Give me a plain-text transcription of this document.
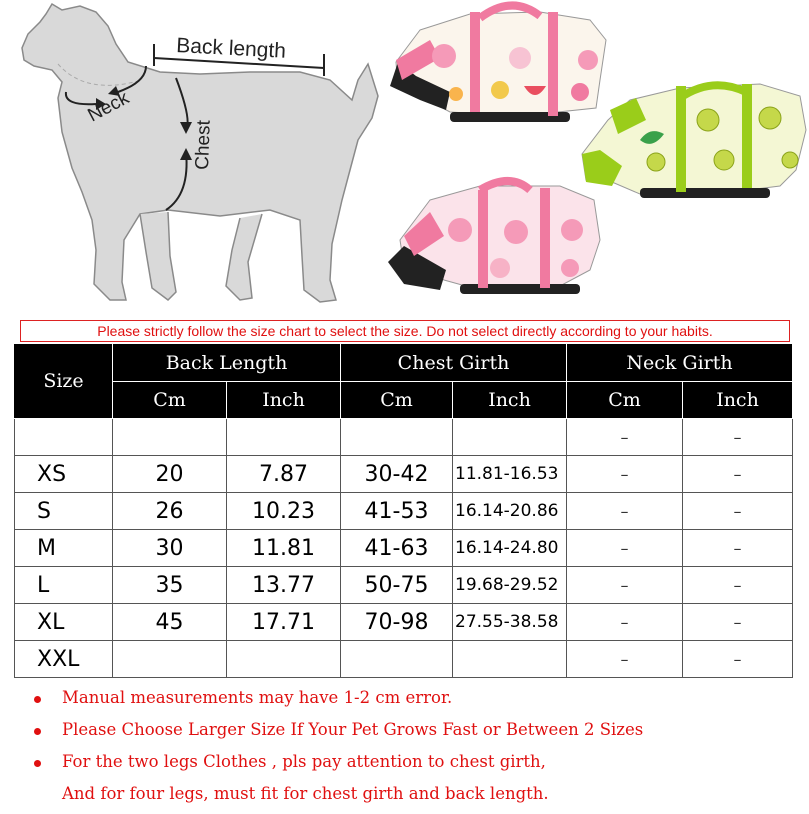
Back length
Neck
Chest
Please strictly follow the size chart to select the size. Do not select directly according to your habits.
Size	Back Length		Chest Girth		Neck Girth	
	Cm	Inch	Cm	Inch	Cm	Inch
					–	–
XS	20	7.87	30-42	11.81-16.53	–	–
S	26	10.23	41-53	16.14-20.86	–	–
M	30	11.81	41-63	16.14-24.80	–	–
L	35	13.77	50-75	19.68-29.52	–	–
XL	45	17.71	70-98	27.55-38.58	–	–
XXL					–	–
Manual measurements may have 1-2 cm error.
Please Choose Larger Size If Your Pet Grows Fast or Between 2 Sizes
For the two legs Clothes , pls pay attention to chest girth,
And for four legs, must fit for chest girth and back length.
